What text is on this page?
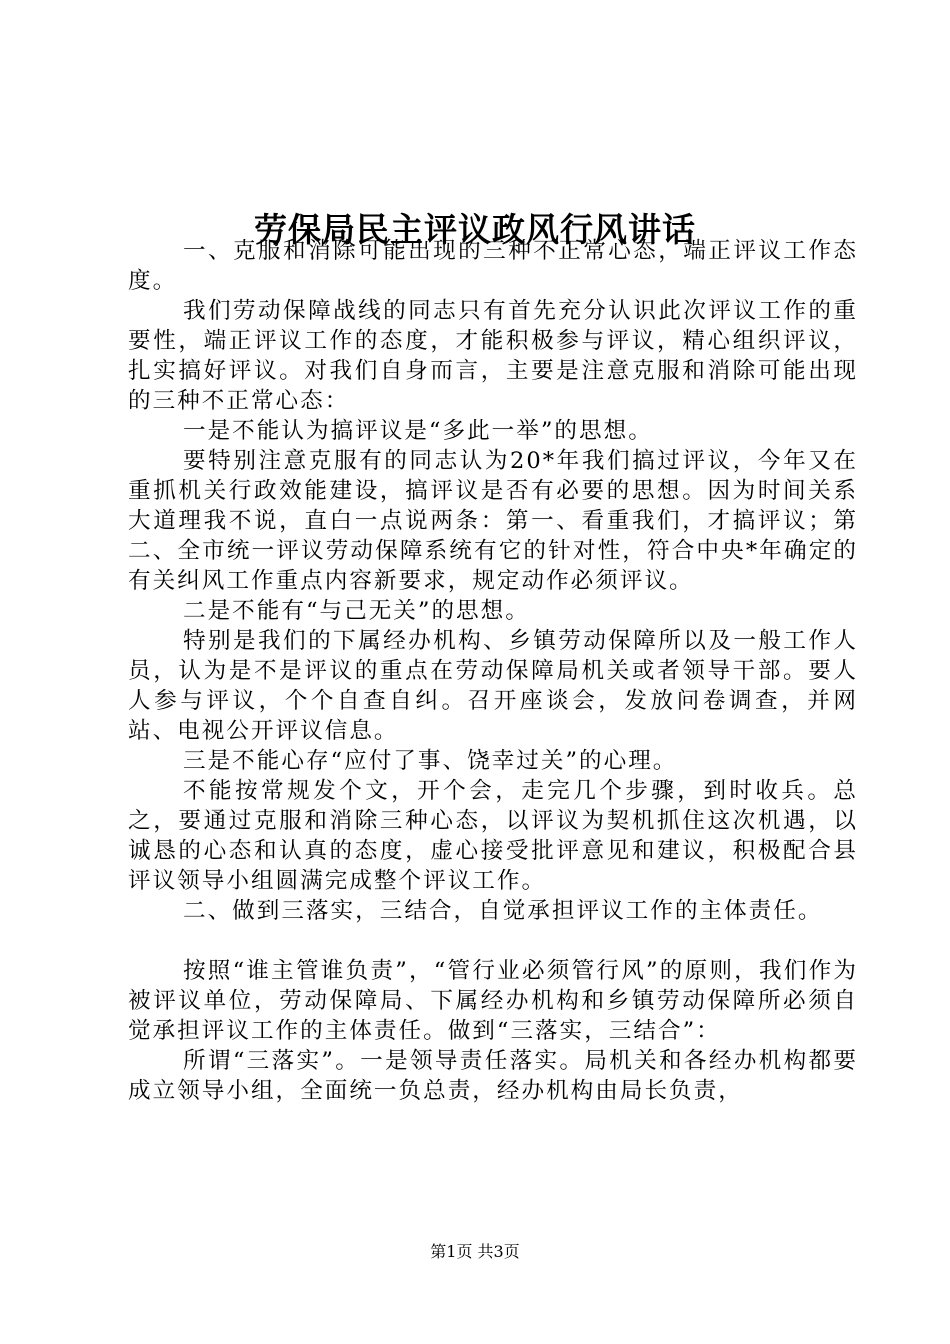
劳保局民主评议政风行风讲话

一、克服和消除可能出现的三种不正常心态，端正评议工作态度。

我们劳动保障战线的同志只有首先充分认识此次评议工作的重要性，端正评议工作的态度，才能积极参与评议，精心组织评议，扎实搞好评议。对我们自身而言，主要是注意克服和消除可能出现的三种不正常心态：

一是不能认为搞评议是“多此一举”的思想。

要特别注意克服有的同志认为20*年我们搞过评议，今年又在重抓机关行政效能建设，搞评议是否有必要的思想。因为时间关系大道理我不说，直白一点说两条：第一、看重我们，才搞评议；第二、全市统一评议劳动保障系统有它的针对性，符合中央*年确定的有关纠风工作重点内容新要求，规定动作必须评议。

二是不能有“与己无关”的思想。

特别是我们的下属经办机构、乡镇劳动保障所以及一般工作人员，认为是不是评议的重点在劳动保障局机关或者领导干部。要人人参与评议，个个自查自纠。召开座谈会，发放问卷调查，并网站、电视公开评议信息。

三是不能心存“应付了事、饶幸过关”的心理。

不能按常规发个文，开个会，走完几个步骤，到时收兵。总之，要通过克服和消除三种心态，以评议为契机抓住这次机遇，以诚恳的心态和认真的态度，虚心接受批评意见和建议，积极配合县评议领导小组圆满完成整个评议工作。

二、做到三落实，三结合，自觉承担评议工作的主体责任。

按照“谁主管谁负责”，“管行业必须管行风”的原则，我们作为被评议单位，劳动保障局、下属经办机构和乡镇劳动保障所必须自觉承担评议工作的主体责任。做到“三落实，三结合”：

所谓“三落实”。一是领导责任落实。局机关和各经办机构都要成立领导小组，全面统一负总责，经办机构由局长负责，

第1页 共3页
